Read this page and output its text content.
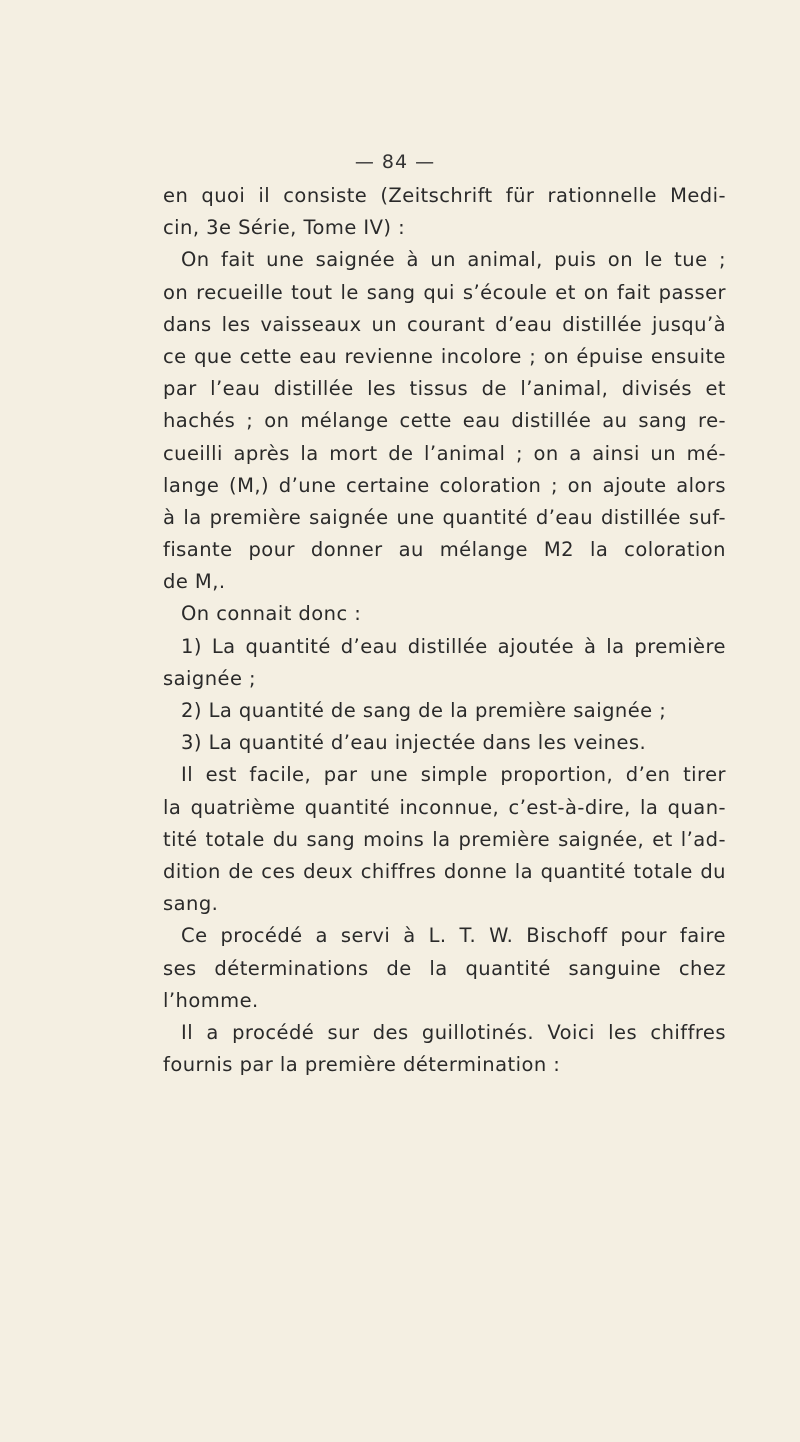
— 84 —
en quoi il consiste (Zeitschrift für rationnelle Medi-
cin, 3e Série, Tome IV) :
On fait une saignée à un animal, puis on le tue ;
on recueille tout le sang qui s’écoule et on fait passer
dans les vaisseaux un courant d’eau distillée jusqu’à
ce que cette eau revienne incolore ; on épuise ensuite
par l’eau distillée les tissus de l’animal, divisés et
hachés ; on mélange cette eau distillée au sang re-
cueilli après la mort de l’animal ; on a ainsi un mé-
lange (M,) d’une certaine coloration ; on ajoute alors
à la première saignée une quantité d’eau distillée suf-
fisante pour donner au mélange M2 la coloration
de M,.
On connait donc :
1) La quantité d’eau distillée ajoutée à la première
saignée ;
2) La quantité de sang de la première saignée ;
3) La quantité d’eau injectée dans les veines.
Il est facile, par une simple proportion, d’en tirer
la quatrième quantité inconnue, c’est-à-dire, la quan-
tité totale du sang moins la première saignée, et l’ad-
dition de ces deux chiffres donne la quantité totale du
sang.
Ce procédé a servi à L. T. W. Bischoff pour faire
ses déterminations de la quantité sanguine chez
l’homme.
Il a procédé sur des guillotinés. Voici les chiffres
fournis par la première détermination :
